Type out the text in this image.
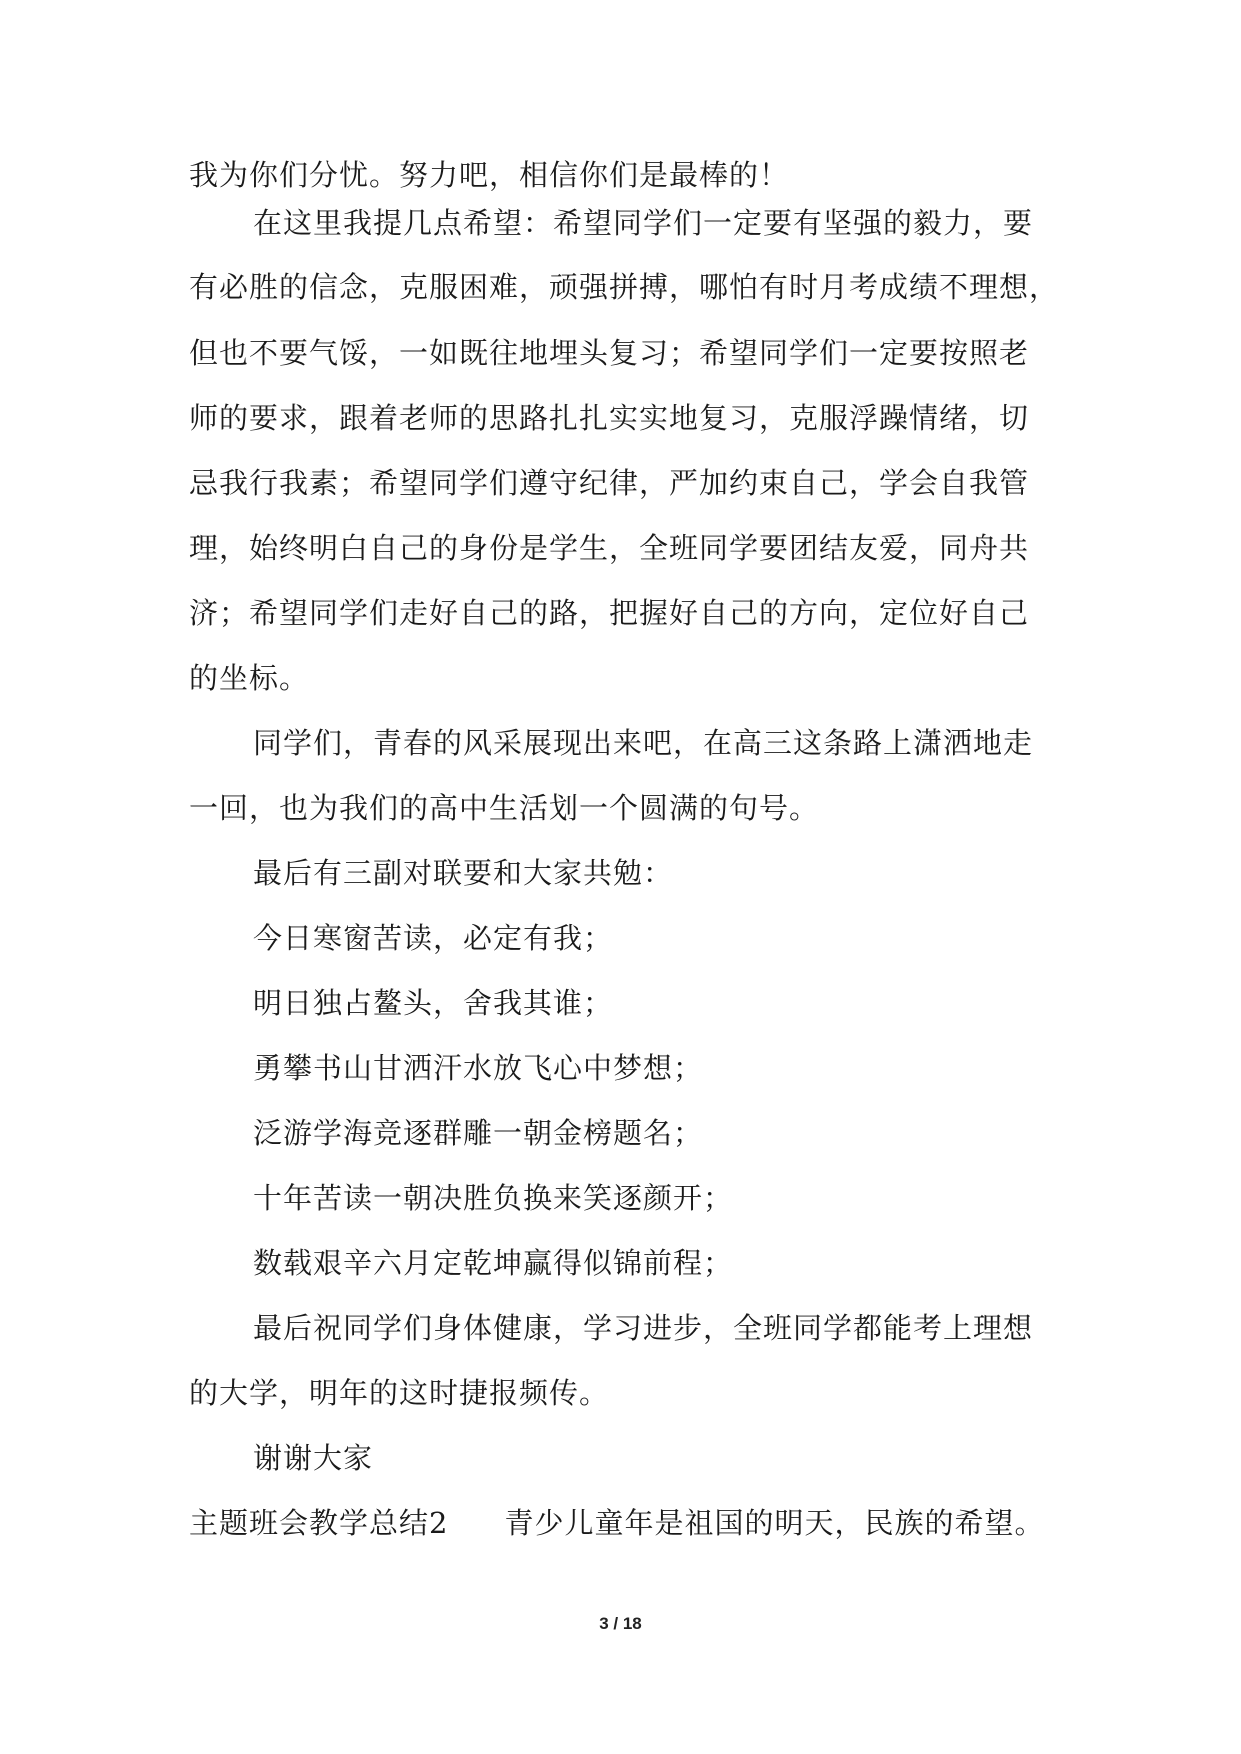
我为你们分忧。努力吧，相信你们是最棒的！
在这里我提几点希望：希望同学们一定要有坚强的毅力，要
有必胜的信念，克服困难，顽强拼搏，哪怕有时月考成绩不理想，
但也不要气馁，一如既往地埋头复习；希望同学们一定要按照老
师的要求，跟着老师的思路扎扎实实地复习，克服浮躁情绪，切
忌我行我素；希望同学们遵守纪律，严加约束自己，学会自我管
理，始终明白自己的身份是学生，全班同学要团结友爱，同舟共
济；希望同学们走好自己的路，把握好自己的方向，定位好自己
的坐标。
同学们，青春的风采展现出来吧，在高三这条路上潇洒地走
一回，也为我们的高中生活划一个圆满的句号。
最后有三副对联要和大家共勉：
今日寒窗苦读，必定有我；
明日独占鳌头，舍我其谁；
勇攀书山甘洒汗水放飞心中梦想；
泛游学海竞逐群雕一朝金榜题名；
十年苦读一朝决胜负换来笑逐颜开；
数载艰辛六月定乾坤赢得似锦前程；
最后祝同学们身体健康，学习进步，全班同学都能考上理想
的大学，明年的这时捷报频传。
谢谢大家
主题班会教学总结2 青少儿童年是祖国的明天，民族的希望。
3 / 18
